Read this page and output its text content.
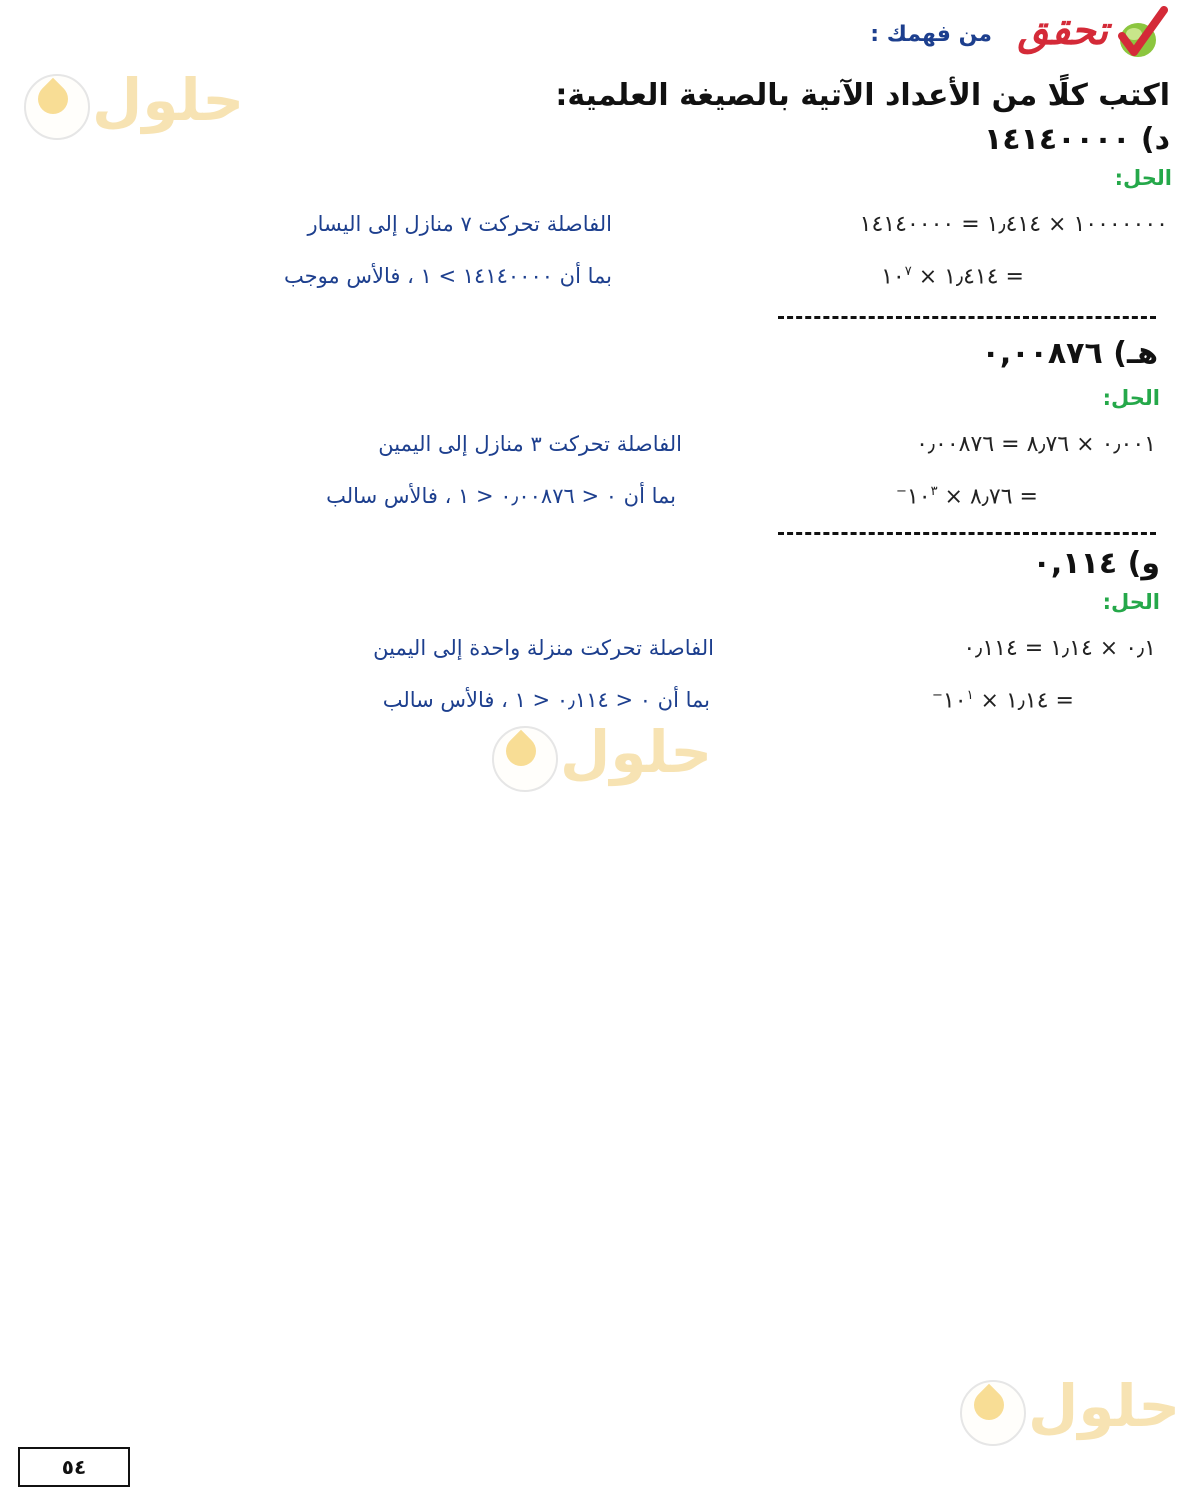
تحقق
من فهمك :
اكتب كلًا من الأعداد الآتية بالصيغة العلمية:
د) ١٤١٤٠٠٠٠
الحل:
١٠٠٠٠٠٠٠ × ١٫٤١٤ = ١٤١٤٠٠٠٠
= ١٫٤١٤ × $١٠^٧$
الفاصلة تحركت ٧ منازل إلى اليسار
بما أن ١٤١٤٠٠٠٠ > ١ ، فالأس موجب
هـ) ٠,٠٠٨٧٦
الحل:
٠٫٠٠١ × ٨٫٧٦ = ٠٫٠٠٨٧٦
= ٨٫٧٦ × $١٠^{٣-}$
الفاصلة تحركت ٣ منازل إلى اليمين
بما أن ٠ < ٠٫٠٠٨٧٦ < ١ ، فالأس سالب
و) ٠,١١٤
الحل:
٠٫١ × ١٫١٤ = ٠٫١١٤
= ١٫١٤ × $١٠^{١-}$
الفاصلة تحركت منزلة واحدة إلى اليمين
بما أن ٠ < ٠٫١١٤ < ١ ، فالأس سالب
حلول
حلول
حلول
٥٤
